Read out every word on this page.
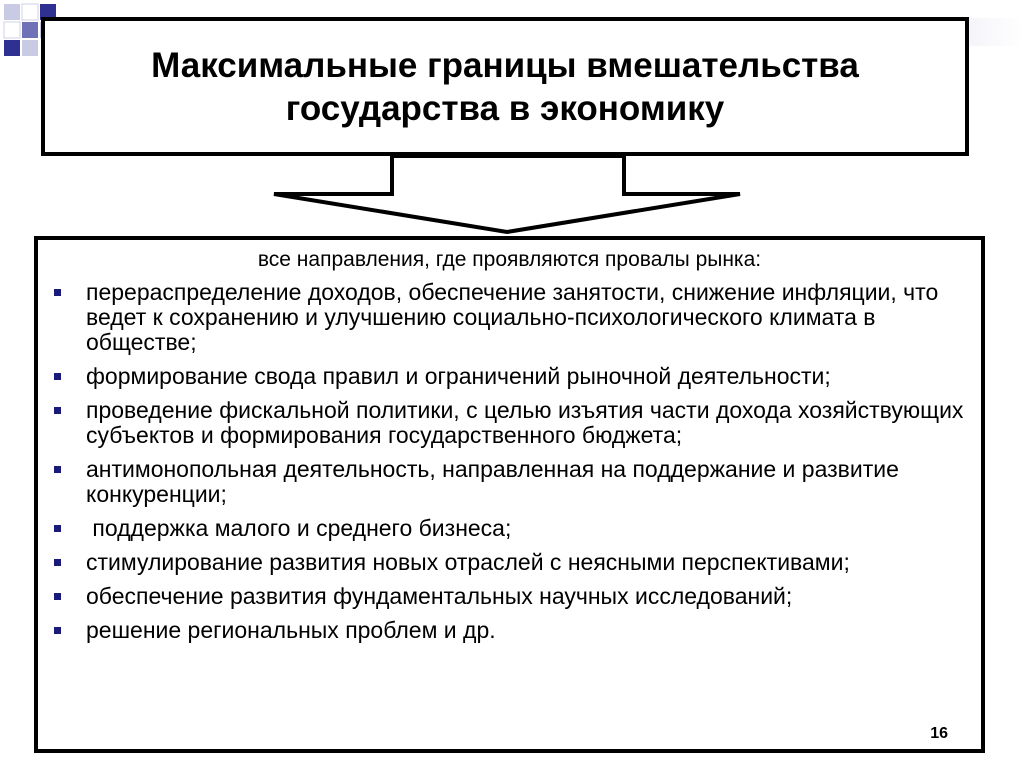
Максимальные границы вмешательства государства в экономику

все направления, где проявляются провалы рынка:

перераспределение доходов, обеспечение занятости, снижение инфляции, что ведет к сохранению и улучшению социально-психологического климата в обществе;
формирование свода правил и ограничений рыночной деятельности;
проведение фискальной политики, с целью изъятия части дохода хозяйствующих субъектов и формирования государственного бюджета;
антимонопольная деятельность, направленная на поддержание и развитие конкуренции;
поддержка малого и среднего бизнеса;
стимулирование развития новых отраслей с неясными перспективами;
обеспечение развития фундаментальных научных исследований;
решение региональных проблем и др.
16
